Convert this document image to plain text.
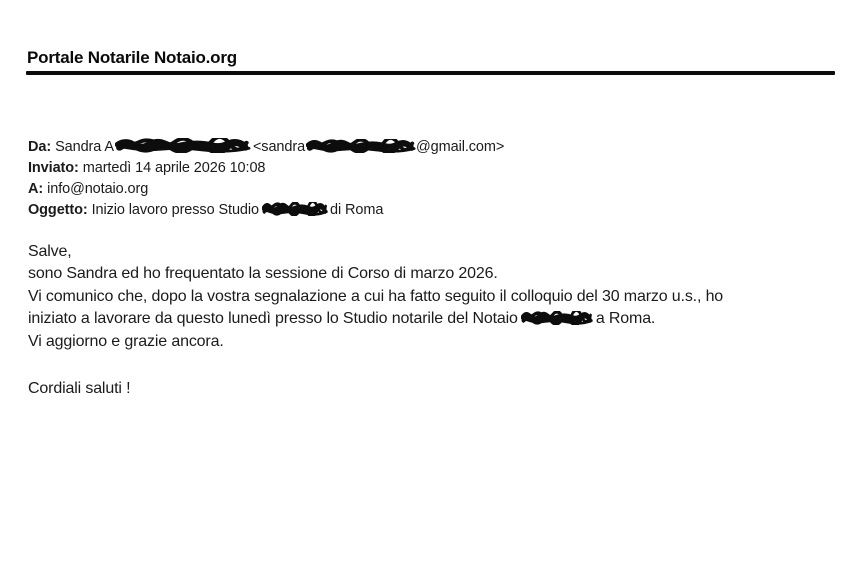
Portale Notarile Notaio.org
Da: Sandra A	<sandra	@gmail.com>
Inviato: martedì 14 aprile 2026 10:08
A: info@notaio.org
Oggetto: Inizio lavoro presso Studio	di Roma
Salve,
sono Sandra ed ho frequentato la sessione di Corso di marzo 2026.
Vi comunico che, dopo la vostra segnalazione a cui ha fatto seguito il colloquio del 30 marzo u.s., ho
iniziato a lavorare da questo lunedì presso lo Studio notarile del Notaio	a Roma.
Vi aggiorno e grazie ancora.
Cordiali saluti !
